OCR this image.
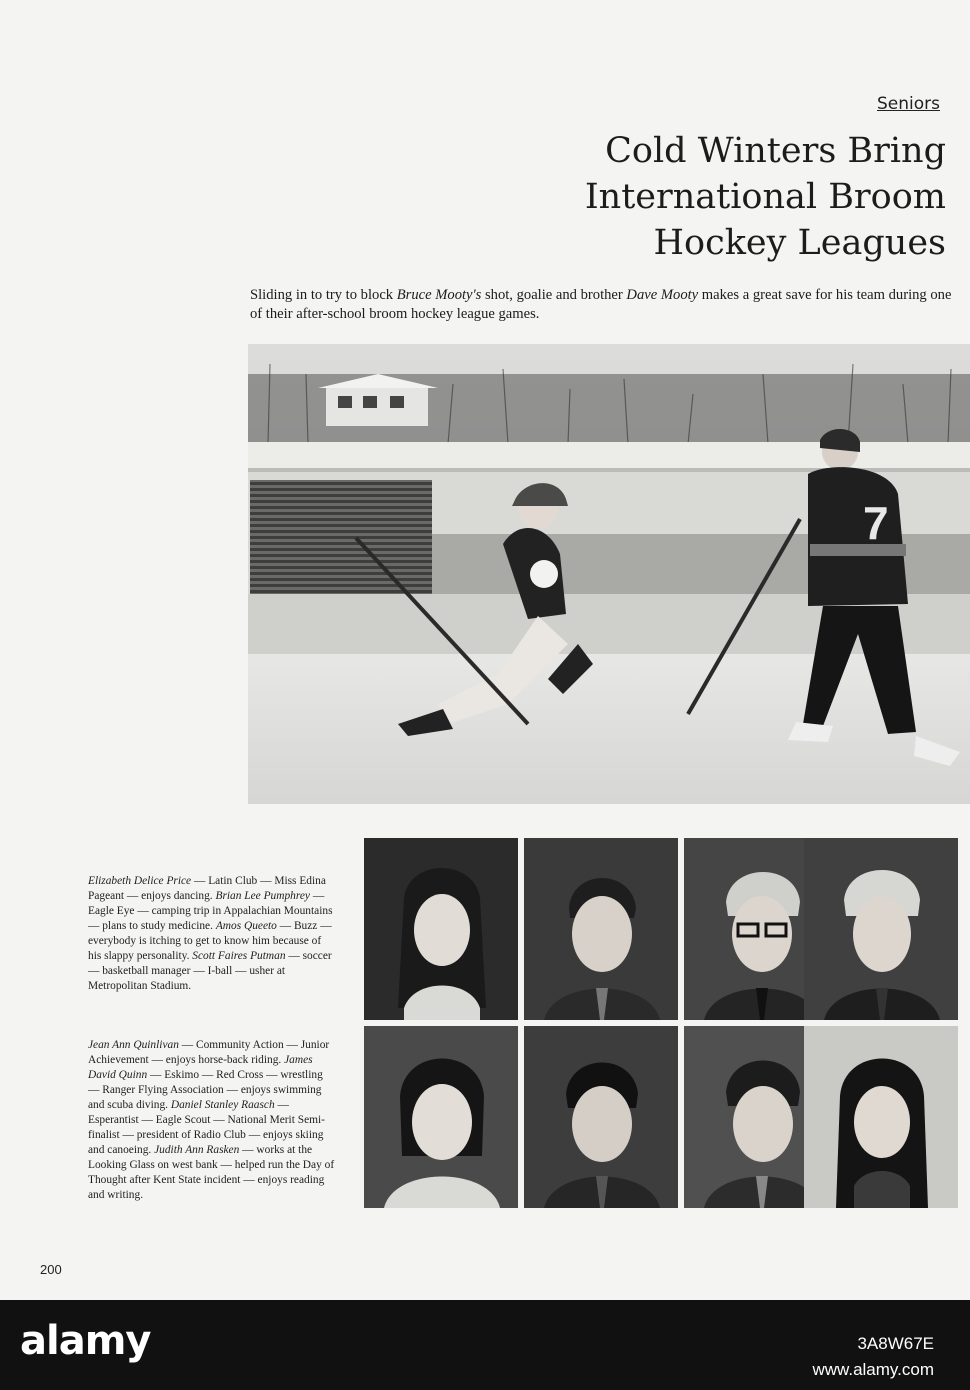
Seniors
Cold Winters Bring
International Broom
Hockey Leagues

Sliding in to try to block Bruce Mooty's shot, goalie and brother Dave Mooty makes a great save for his team during one of their after-school broom hockey league games.

7

Elizabeth Delice Price — Latin Club — Miss Edina Pageant — enjoys dancing. Brian Lee Pumphrey — Eagle Eye — camping trip in Appalachian Mountains — plans to study medicine. Amos Queeto — Buzz — everybody is itching to get to know him because of his slappy personality. Scott Faires Putman — soccer — basketball manager — I-ball — usher at Metropolitan Stadium.

Jean Ann Quinlivan — Community Action — Junior Achievement — enjoys horse-back riding. James David Quinn — Eskimo — Red Cross — wrestling — Ranger Flying Association — enjoys swimming and scuba diving. Daniel Stanley Raasch — Esperantist — Eagle Scout — National Merit Semi-finalist — president of Radio Club — enjoys skiing and canoeing. Judith Ann Rasken — works at the Looking Glass on west bank — helped run the Day of Thought after Kent State incident — enjoys reading and writing.

200
alamy	3A8W67E
www.alamy.com
